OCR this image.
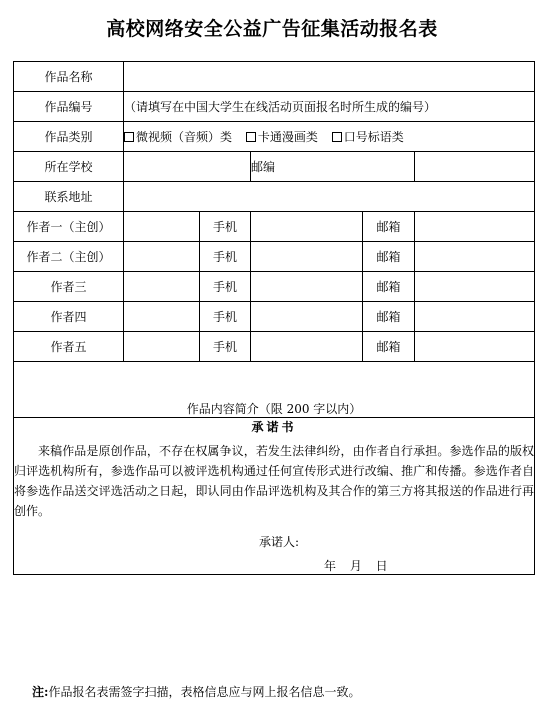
高校网络安全公益广告征集活动报名表
作品名称					
作品编号	（请填写在中国大学生在线活动页面报名时所生成的编号）				
作品类别	微视频（音频）类 卡通漫画类 口号标语类				
所在学校			邮编		
联系地址					
作者一（主创）		手机		邮箱	
作者二（主创）		手机		邮箱	
作者三		手机		邮箱	
作者四		手机		邮箱	
作者五		手机		邮箱	

作品内容简介（限 200 字以内）					

承诺书
来稿作品是原创作品，不存在权属争议，若发生法律纠纷，由作者自行承担。参选作品的版权归评选机构所有，参选作品可以被评选机构通过任何宣传形式进行改编、推广和传播。参选作者自将参选作品送交评选活动之日起，即认同由作品评选机构及其合作的第三方将其报送的作品进行再创作。
承诺人:
年 月 日					
注:作品报名表需签字扫描，表格信息应与网上报名信息一致。
